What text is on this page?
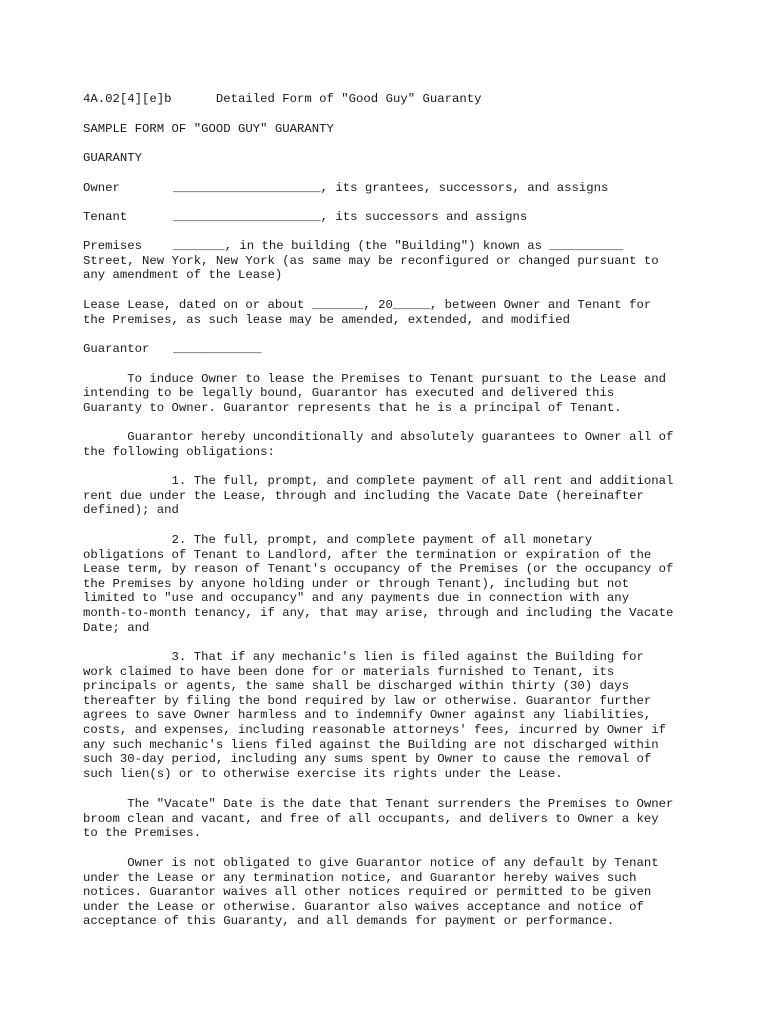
4A.02[4][e]b	Detailed Form of "Good Guy" Guaranty
SAMPLE FORM OF "GOOD GUY" GUARANTY
GUARANTY
Owner	____________________, its grantees, successors, and assigns
Tenant	____________________, its successors and assigns
Premises	_______, in the building (the "Building") known as __________
Street, New York, New York (as same may be reconfigured or changed pursuant to
any amendment of the Lease)
Lease Lease, dated on or about _______, 20_____, between Owner and Tenant for
the Premises, as such lease may be amended, extended, and modified
Guarantor ____________
To induce Owner to lease the Premises to Tenant pursuant to the Lease and
intending to be legally bound, Guarantor has executed and delivered this
Guaranty to Owner. Guarantor represents that he is a principal of Tenant.
Guarantor hereby unconditionally and absolutely guarantees to Owner all of
the following obligations:
1. The full, prompt, and complete payment of all rent and additional
rent due under the Lease, through and including the Vacate Date (hereinafter
defined); and
2. The full, prompt, and complete payment of all monetary
obligations of Tenant to Landlord, after the termination or expiration of the
Lease term, by reason of Tenant's occupancy of the Premises (or the occupancy of
the Premises by anyone holding under or through Tenant), including but not
limited to "use and occupancy" and any payments due in connection with any
month-to-month tenancy, if any, that may arise, through and including the Vacate
Date; and
3. That if any mechanic's lien is filed against the Building for
work claimed to have been done for or materials furnished to Tenant, its
principals or agents, the same shall be discharged within thirty (30) days
thereafter by filing the bond required by law or otherwise. Guarantor further
agrees to save Owner harmless and to indemnify Owner against any liabilities,
costs, and expenses, including reasonable attorneys' fees, incurred by Owner if
any such mechanic's liens filed against the Building are not discharged within
such 30-day period, including any sums spent by Owner to cause the removal of
such lien(s) or to otherwise exercise its rights under the Lease.
The "Vacate" Date is the date that Tenant surrenders the Premises to Owner
broom clean and vacant, and free of all occupants, and delivers to Owner a key
to the Premises.
Owner is not obligated to give Guarantor notice of any default by Tenant
under the Lease or any termination notice, and Guarantor hereby waives such
notices. Guarantor waives all other notices required or permitted to be given
under the Lease or otherwise. Guarantor also waives acceptance and notice of
acceptance of this Guaranty, and all demands for payment or performance.
